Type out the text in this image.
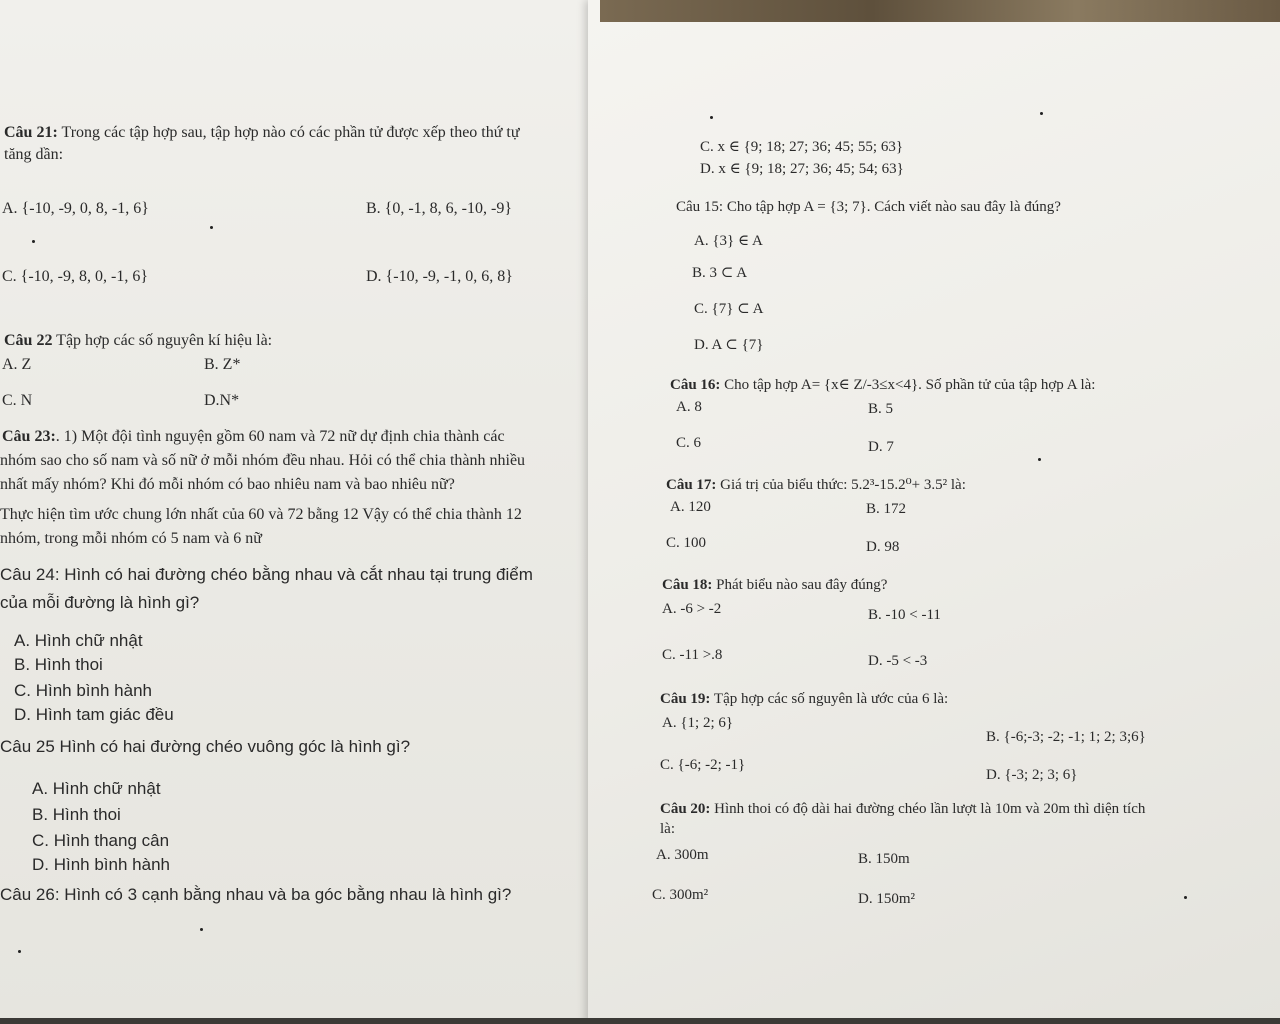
Câu 21: Trong các tập hợp sau, tập hợp nào có các phần tử được xếp theo thứ tự
tăng dần:
A. {-10, -9, 0, 8, -1, 6}	B. {0, -1, 8, 6, -10, -9}
C. {-10, -9, 8, 0, -1, 6}	D. {-10, -9, -1, 0, 6, 8}
Câu 22 Tập hợp các số nguyên kí hiệu là:
A. Z	B. Z*
C. N	D.N*
Câu 23:. 1) Một đội tình nguyện gồm 60 nam và 72 nữ dự định chia thành các
nhóm sao cho số nam và số nữ ở mỗi nhóm đều nhau. Hỏi có thể chia thành nhiều
nhất mấy nhóm? Khi đó mỗi nhóm có bao nhiêu nam và bao nhiêu nữ?
Thực hiện tìm ước chung lớn nhất của 60 và 72 bằng 12 Vậy có thể chia thành 12
nhóm, trong mỗi nhóm có 5 nam và 6 nữ
Câu 24: Hình có hai đường chéo bằng nhau và cắt nhau tại trung điểm
của mỗi đường là hình gì?
A. Hình chữ nhật
B. Hình thoi
C. Hình bình hành
D. Hình tam giác đều
Câu 25 Hình có hai đường chéo vuông góc là hình gì?
A. Hình chữ nhật
B. Hình thoi
C. Hình thang cân
D. Hình bình hành
Câu 26: Hình có 3 cạnh bằng nhau và ba góc bằng nhau là hình gì?
C. x ∈ {9; 18; 27; 36; 45; 55; 63}
D. x ∈ {9; 18; 27; 36; 45; 54; 63}
Câu 15: Cho tập hợp A = {3; 7}. Cách viết nào sau đây là đúng?
A. {3} ∈ A
B. 3 ⊂ A
C. {7} ⊂ A
D. A ⊂ {7}
Câu 16: Cho tập hợp A= {x∈ Z/-3≤x<4}. Số phần tử của tập hợp A là:
A. 8	B. 5
C. 6	D. 7
Câu 17: Giá trị của biểu thức: 5.2³-15.2⁰+ 3.5² là:
A. 120	B. 172
C. 100	D. 98
Câu 18: Phát biểu nào sau đây đúng?
A. -6 > -2	B. -10 < -11
C. -11 >.8	D. -5 < -3
Câu 19: Tập hợp các số nguyên là ước của 6 là:
A. {1; 2; 6}
B. {-6;-3; -2; -1; 1; 2; 3;6}
C. {-6; -2; -1}
D. {-3; 2; 3; 6}
Câu 20: Hình thoi có độ dài hai đường chéo lần lượt là 10m và 20m thì diện tích
là:
A. 300m	B. 150m
C. 300m²	D. 150m²
